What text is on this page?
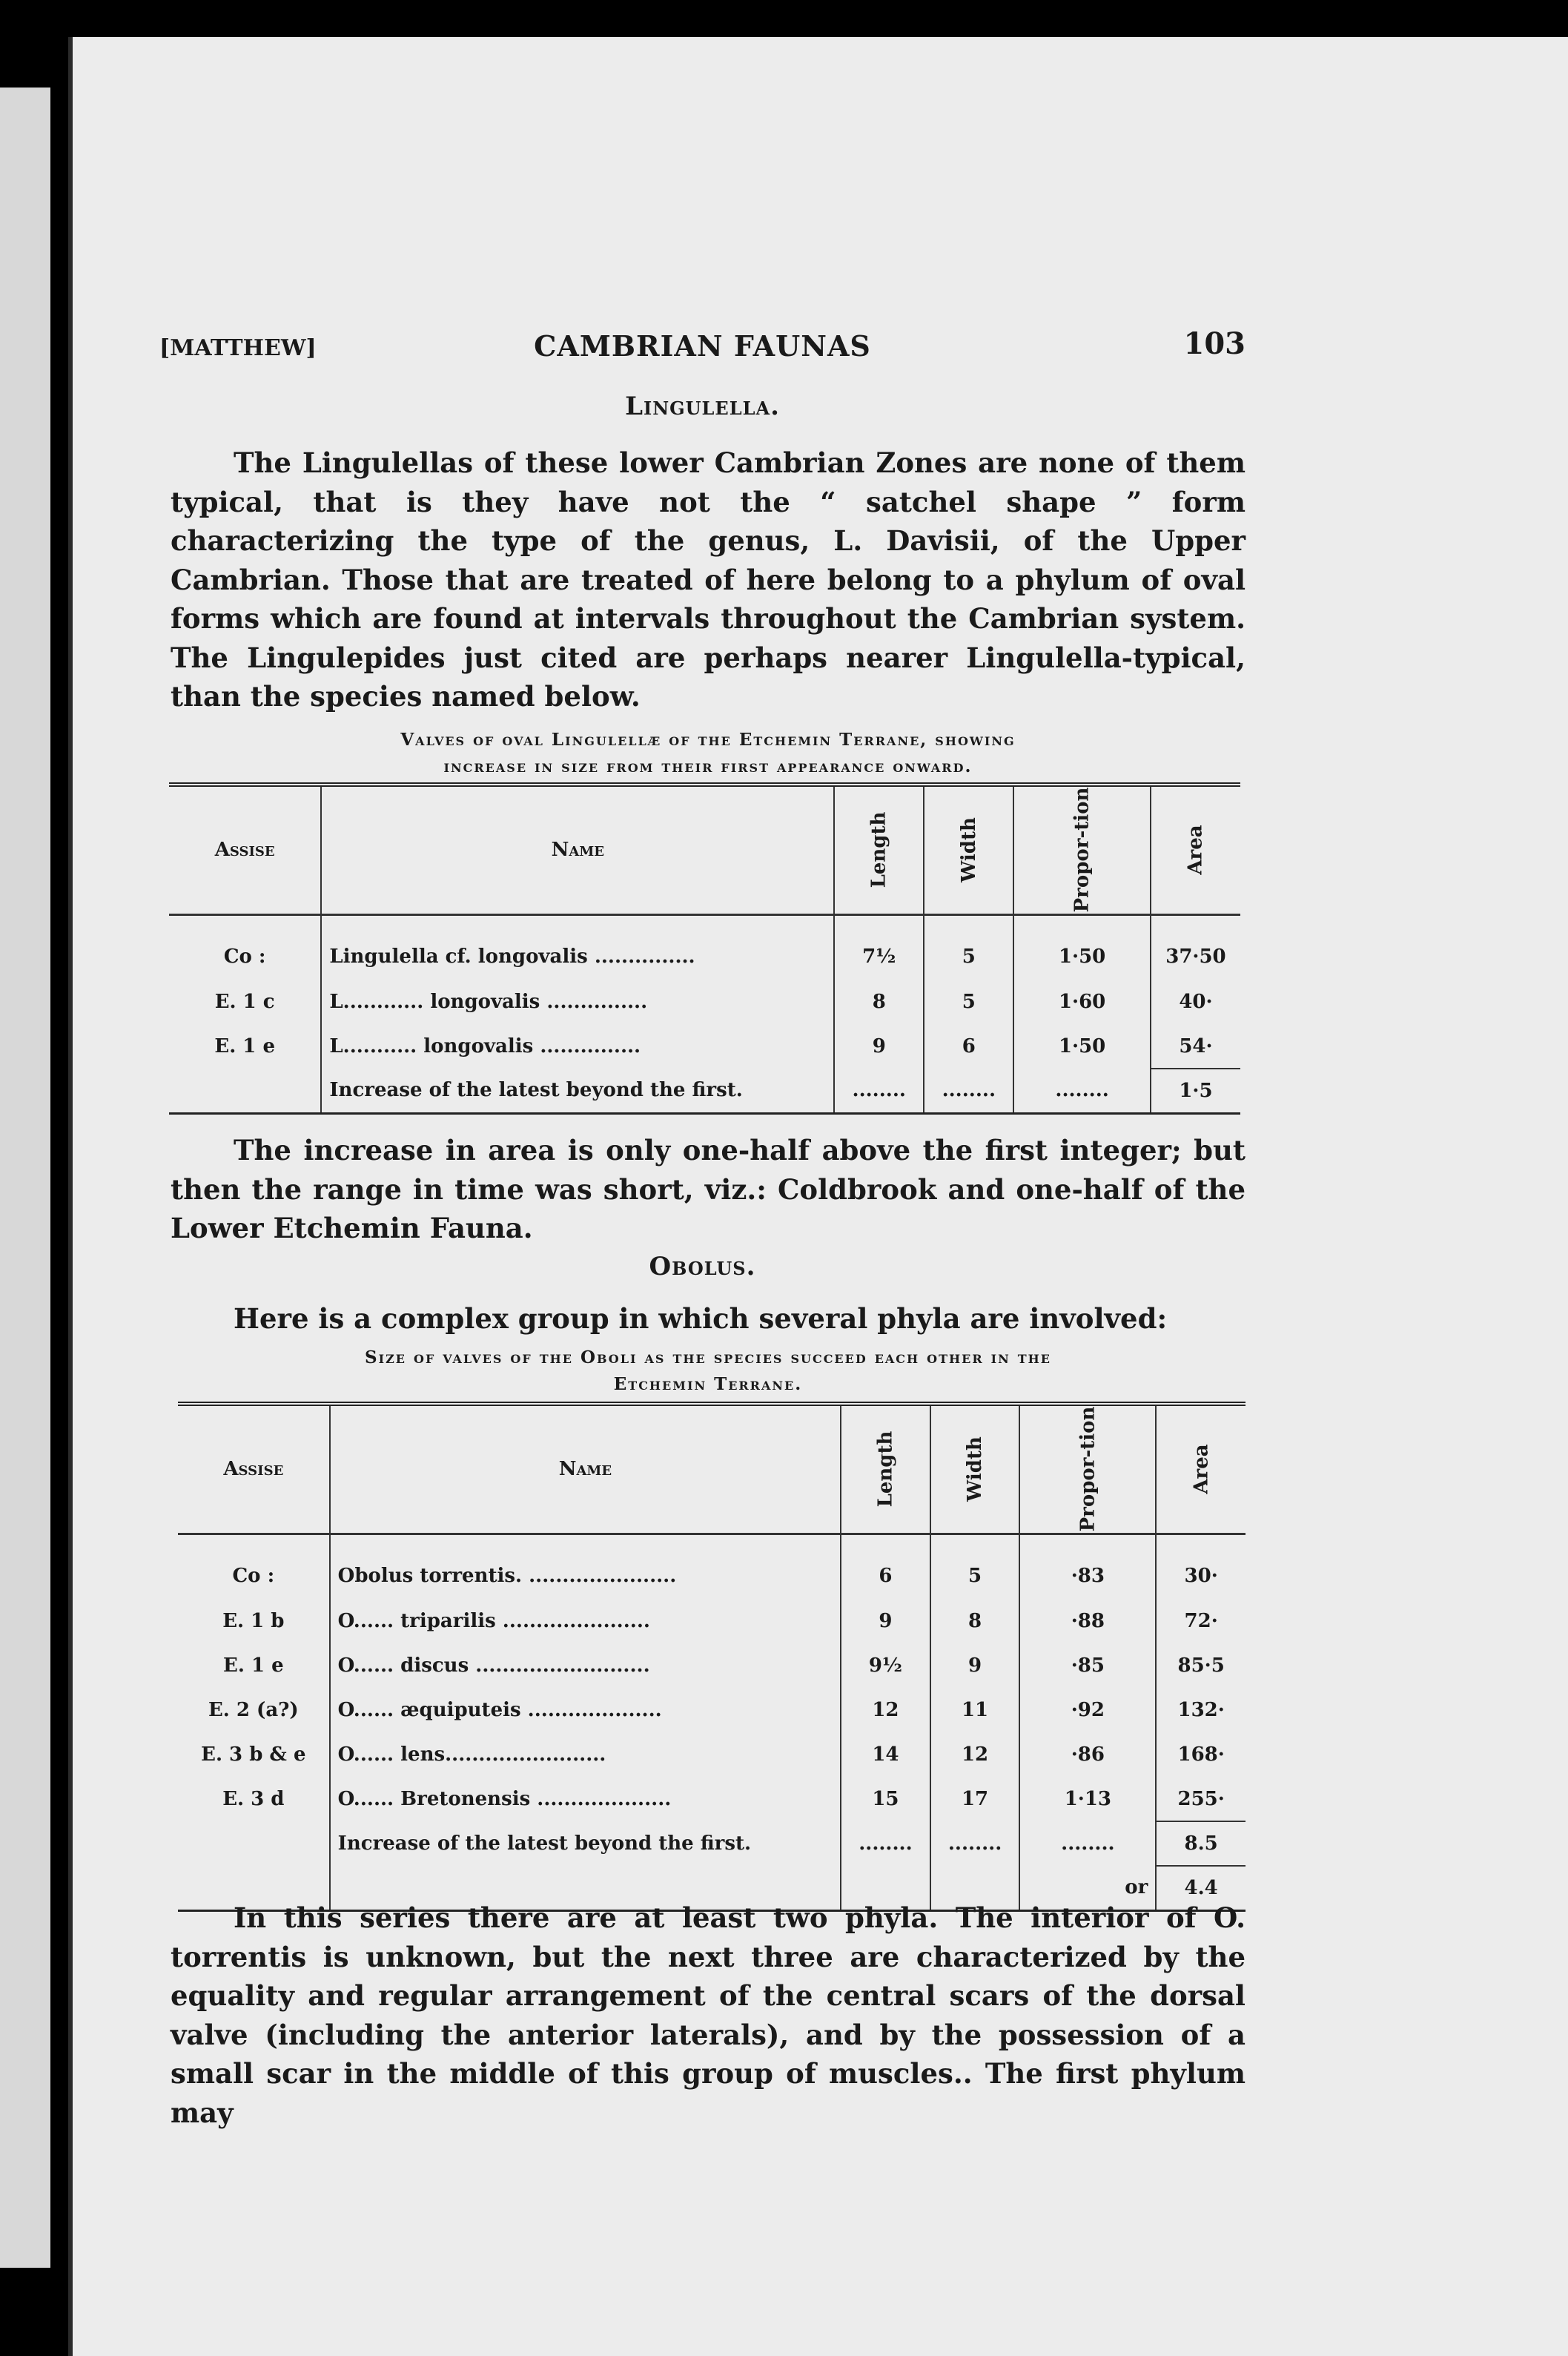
[MATTHEW]	CAMBRIAN FAUNAS	103
Lingulella.
The Lingulellas of these lower Cambrian Zones are none of them typical, that is they have not the “ satchel shape ” form characterizing the type of the genus, L. Davisii, of the Upper Cambrian. Those that are treated of here belong to a phylum of oval forms which are found at intervals throughout the Cambrian system. The Lingulepides just cited are perhaps nearer Lingulella-typical, than the species named below.
Valves of oval Lingulellæ of the Etchemin Terrane, showing
increase in size from their first appearance onward.
Assise	Name	Length	Width	Propor-tion	Area
Co :	Lingulella cf. longovalis ...............	7½	5	1·50	37·50
E. 1 c	L............ longovalis ...............	8	5	1·60	40·
E. 1 e	L........... longovalis ...............	9	6	1·50	54·
	Increase of the latest beyond the first.	........	........	........	1·5
The increase in area is only one-half above the first integer; but then the range in time was short, viz.: Coldbrook and one-half of the Lower Etchemin Fauna.
Obolus.
Here is a complex group in which several phyla are involved:
Size of valves of the Oboli as the species succeed each other in the
Etchemin Terrane.
Assise	Name	Length	Width	Propor-tion	Area
Co :	Obolus torrentis. ......................	6	5	·83	30·
E. 1 b	O...... triparilis ......................	9	8	·88	72·
E. 1 e	O...... discus ..........................	9½	9	·85	85·5
E. 2 (a?)	O...... æquiputeis ....................	12	11	·92	132·
E. 3 b & e	O...... lens........................	14	12	·86	168·
E. 3 d	O...... Bretonensis ....................	15	17	1·13	255·
	Increase of the latest beyond the first.	........	........	........	8.5
				or	4.4
In this series there are at least two phyla. The interior of O. torrentis is unknown, but the next three are characterized by the equality and regular arrangement of the central scars of the dorsal valve (including the anterior laterals), and by the possession of a small scar in the middle of this group of muscles.. The first phylum may
